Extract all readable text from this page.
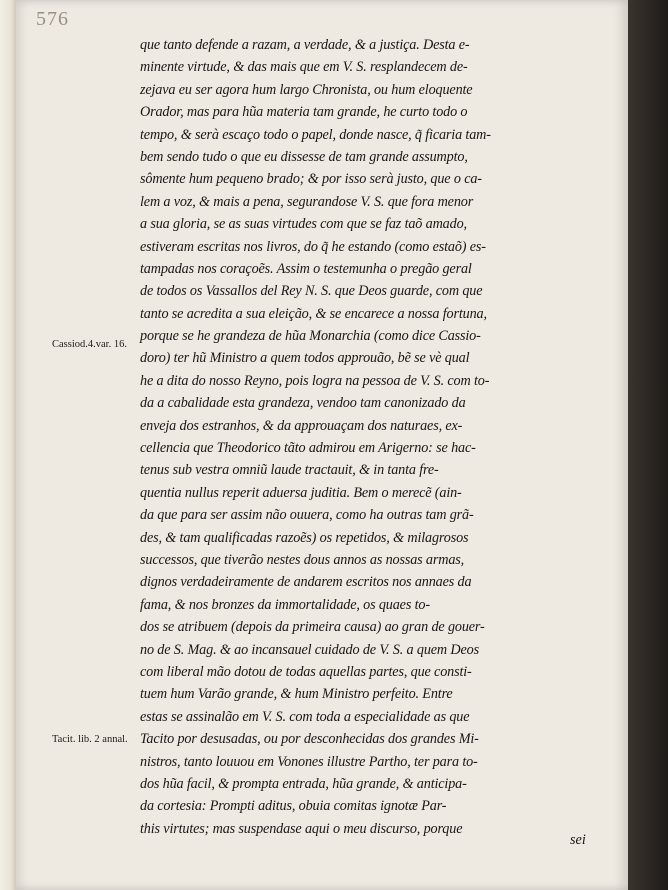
576
Cassiod.4.var. 16.
Tacit. lib. 2 annal.
que tanto defende a razam, a verdade, & a justiça. Desta e-
minente virtude, & das mais que em V. S. resplandecem de-
zejava eu ser agora hum largo Chronista, ou hum eloquente
Orador, mas para hũa materia tam grande, he curto todo o
tempo, & serà escaço todo o papel, donde nasce, q̃ ficaria tam-
bem sendo tudo o que eu dissesse de tam grande assumpto,
sômente hum pequeno brado; & por isso serà justo, que o ca-
lem a voz, & mais a pena, segurandose V. S. que fora menor
a sua gloria, se as suas virtudes com que se faz taõ amado,
estiveram escritas nos livros, do q̃ he estando (como estaõ) es-
tampadas nos coraçoẽs. Assim o testemunha o pregão geral
de todos os Vassallos del Rey N. S. que Deos guarde, com que
tanto se acredita a sua eleição, & se encarece a nossa fortuna,
porque se he grandeza de hũa Monarchia (como dice Cassio-
doro) ter hũ Ministro a quem todos approuão, bẽ se vè qual
he a dita do nosso Reyno, pois logra na pessoa de V. S. com to-
da a cabalidade esta grandeza, vendoo tam canonizado da
enveja dos estranhos, & da approuaçam dos naturaes, ex-
cellencia que Theodorico tãto admirou em Arigerno: se hac-
tenus sub vestra omniũ laude tractauit, & in tanta fre-
quentia nullus reperit aduersa juditia. Bem o merecẽ (ain-
da que para ser assim não ouuera, como ha outras tam grã-
des, & tam qualificadas razoẽs) os repetidos, & milagrosos
successos, que tiverão nestes dous annos as nossas armas,
dignos verdadeiramente de andarem escritos nos annaes da
fama, & nos bronzes da immortalidade, os quaes to-
dos se atribuem (depois da primeira causa) ao gran de gouer-
no de S. Mag. & ao incansauel cuidado de V. S. a quem Deos
com liberal mão dotou de todas aquellas partes, que consti-
tuem hum Varão grande, & hum Ministro perfeito. Entre
estas se assinalão em V. S. com toda a especialidade as que
Tacito por desusadas, ou por desconhecidas dos grandes Mi-
nistros, tanto louuou em Vonones illustre Partho, ter para to-
dos hũa facil, & prompta entrada, hũa grande, & anticipa-
da cortesia: Prompti aditus, obuia comitas ignotæ Par-
this virtutes; mas suspendase aqui o meu discurso, porque
sei
